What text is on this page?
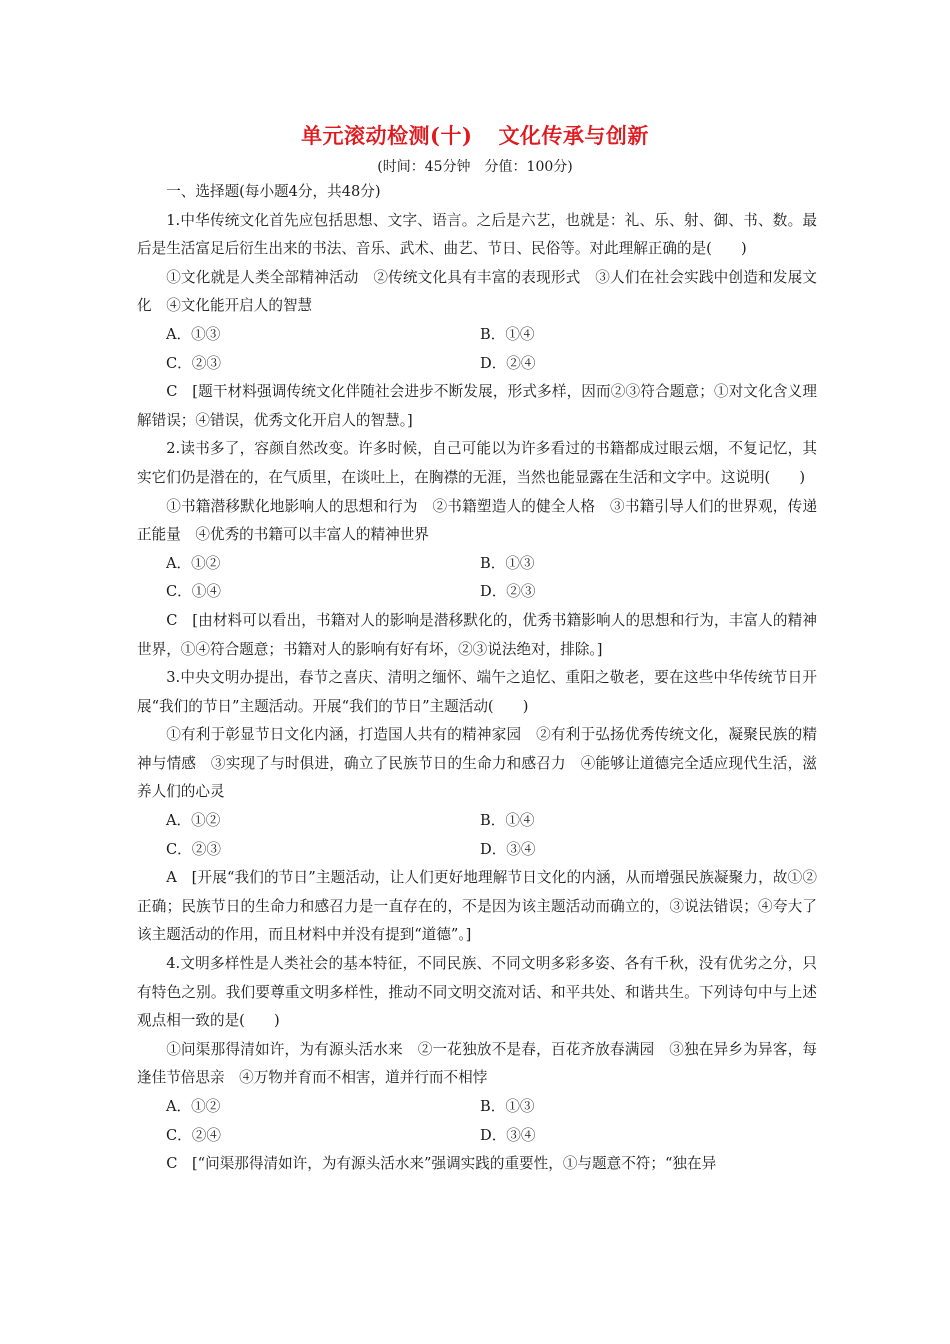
单元滚动检测(十) 文化传承与创新
(时间：45分钟　分值：100分)

一、选择题(每小题4分，共48分)

1.中华传统文化首先应包括思想、文字、语言。之后是六艺，也就是：礼、乐、射、御、书、数。最后是生活富足后衍生出来的书法、音乐、武术、曲艺、节日、民俗等。对此理解正确的是(　　)

①文化就是人类全部精神活动　②传统文化具有丰富的表现形式　③人们在社会实践中创造和发展文化　④文化能开启人的智慧

A．①③	B．①④
C．②③	D．②④

C　[题干材料强调传统文化伴随社会进步不断发展，形式多样，因而②③符合题意；①对文化含义理解错误；④错误，优秀文化开启人的智慧。]

2.读书多了，容颜自然改变。许多时候，自己可能以为许多看过的书籍都成过眼云烟，不复记忆，其实它们仍是潜在的，在气质里，在谈吐上，在胸襟的无涯，当然也能显露在生活和文字中。这说明(　　)

①书籍潜移默化地影响人的思想和行为　②书籍塑造人的健全人格　③书籍引导人们的世界观，传递正能量　④优秀的书籍可以丰富人的精神世界

A．①②	B．①③
C．①④	D．②③

C　[由材料可以看出，书籍对人的影响是潜移默化的，优秀书籍影响人的思想和行为，丰富人的精神世界，①④符合题意；书籍对人的影响有好有坏，②③说法绝对，排除。]

3.中央文明办提出，春节之喜庆、清明之缅怀、端午之追忆、重阳之敬老，要在这些中华传统节日开展“我们的节日”主题活动。开展“我们的节日”主题活动(　　)

①有利于彰显节日文化内涵，打造国人共有的精神家园　②有利于弘扬优秀传统文化，凝聚民族的精神与情感　③实现了与时俱进，确立了民族节日的生命力和感召力　④能够让道德完全适应现代生活，滋养人们的心灵

A．①②	B．①④
C．②③	D．③④

A　[开展“我们的节日”主题活动，让人们更好地理解节日文化的内涵，从而增强民族凝聚力，故①②正确；民族节日的生命力和感召力是一直存在的，不是因为该主题活动而确立的，③说法错误；④夸大了该主题活动的作用，而且材料中并没有提到“道德”。]

4.文明多样性是人类社会的基本特征，不同民族、不同文明多彩多姿、各有千秋，没有优劣之分，只有特色之别。我们要尊重文明多样性，推动不同文明交流对话、和平共处、和谐共生。下列诗句中与上述观点相一致的是(　　)

①问渠那得清如许，为有源头活水来　②一花独放不是春，百花齐放春满园　③独在异乡为异客，每逢佳节倍思亲　④万物并育而不相害，道并行而不相悖

A．①②	B．①③
C．②④	D．③④

C　[“问渠那得清如许，为有源头活水来”强调实践的重要性，①与题意不符；“独在异
